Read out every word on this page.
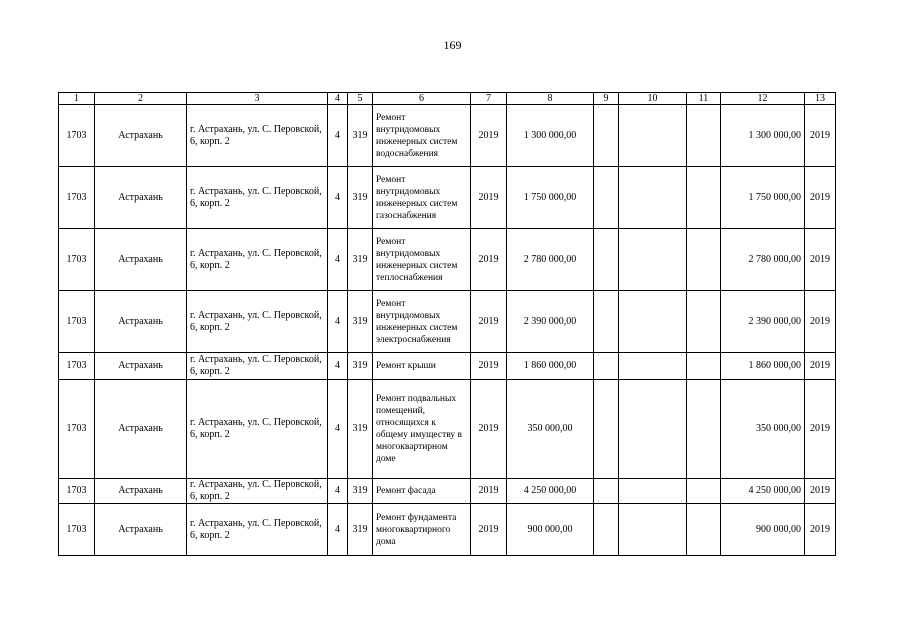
169
1	2	3	4	5	6	7	8	9	10	11	12	13
1703	Астрахань	г. Астрахань, ул. С. Перовской, 6, корп. 2	4	319	Ремонт внутридомовых инженерных систем водоснабжения	2019	1 300 000,00				1 300 000,00	2019
1703	Астрахань	г. Астрахань, ул. С. Перовской, 6, корп. 2	4	319	Ремонт внутридомовых инженерных систем газоснабжения	2019	1 750 000,00				1 750 000,00	2019
1703	Астрахань	г. Астрахань, ул. С. Перовской, 6, корп. 2	4	319	Ремонт внутридомовых инженерных систем теплоснабжения	2019	2 780 000,00				2 780 000,00	2019
1703	Астрахань	г. Астрахань, ул. С. Перовской, 6, корп. 2	4	319	Ремонт внутридомовых инженерных систем электроснабжения	2019	2 390 000,00				2 390 000,00	2019
1703	Астрахань	г. Астрахань, ул. С. Перовской, 6, корп. 2	4	319	Ремонт крыши	2019	1 860 000,00				1 860 000,00	2019
1703	Астрахань	г. Астрахань, ул. С. Перовской, 6, корп. 2	4	319	Ремонт подвальных помещений, относящихся к общему имуществу в многоквартирном доме	2019	350 000,00				350 000,00	2019
1703	Астрахань	г. Астрахань, ул. С. Перовской, 6, корп. 2	4	319	Ремонт фасада	2019	4 250 000,00				4 250 000,00	2019
1703	Астрахань	г. Астрахань, ул. С. Перовской, 6, корп. 2	4	319	Ремонт фундамента многоквартирного дома	2019	900 000,00				900 000,00	2019
